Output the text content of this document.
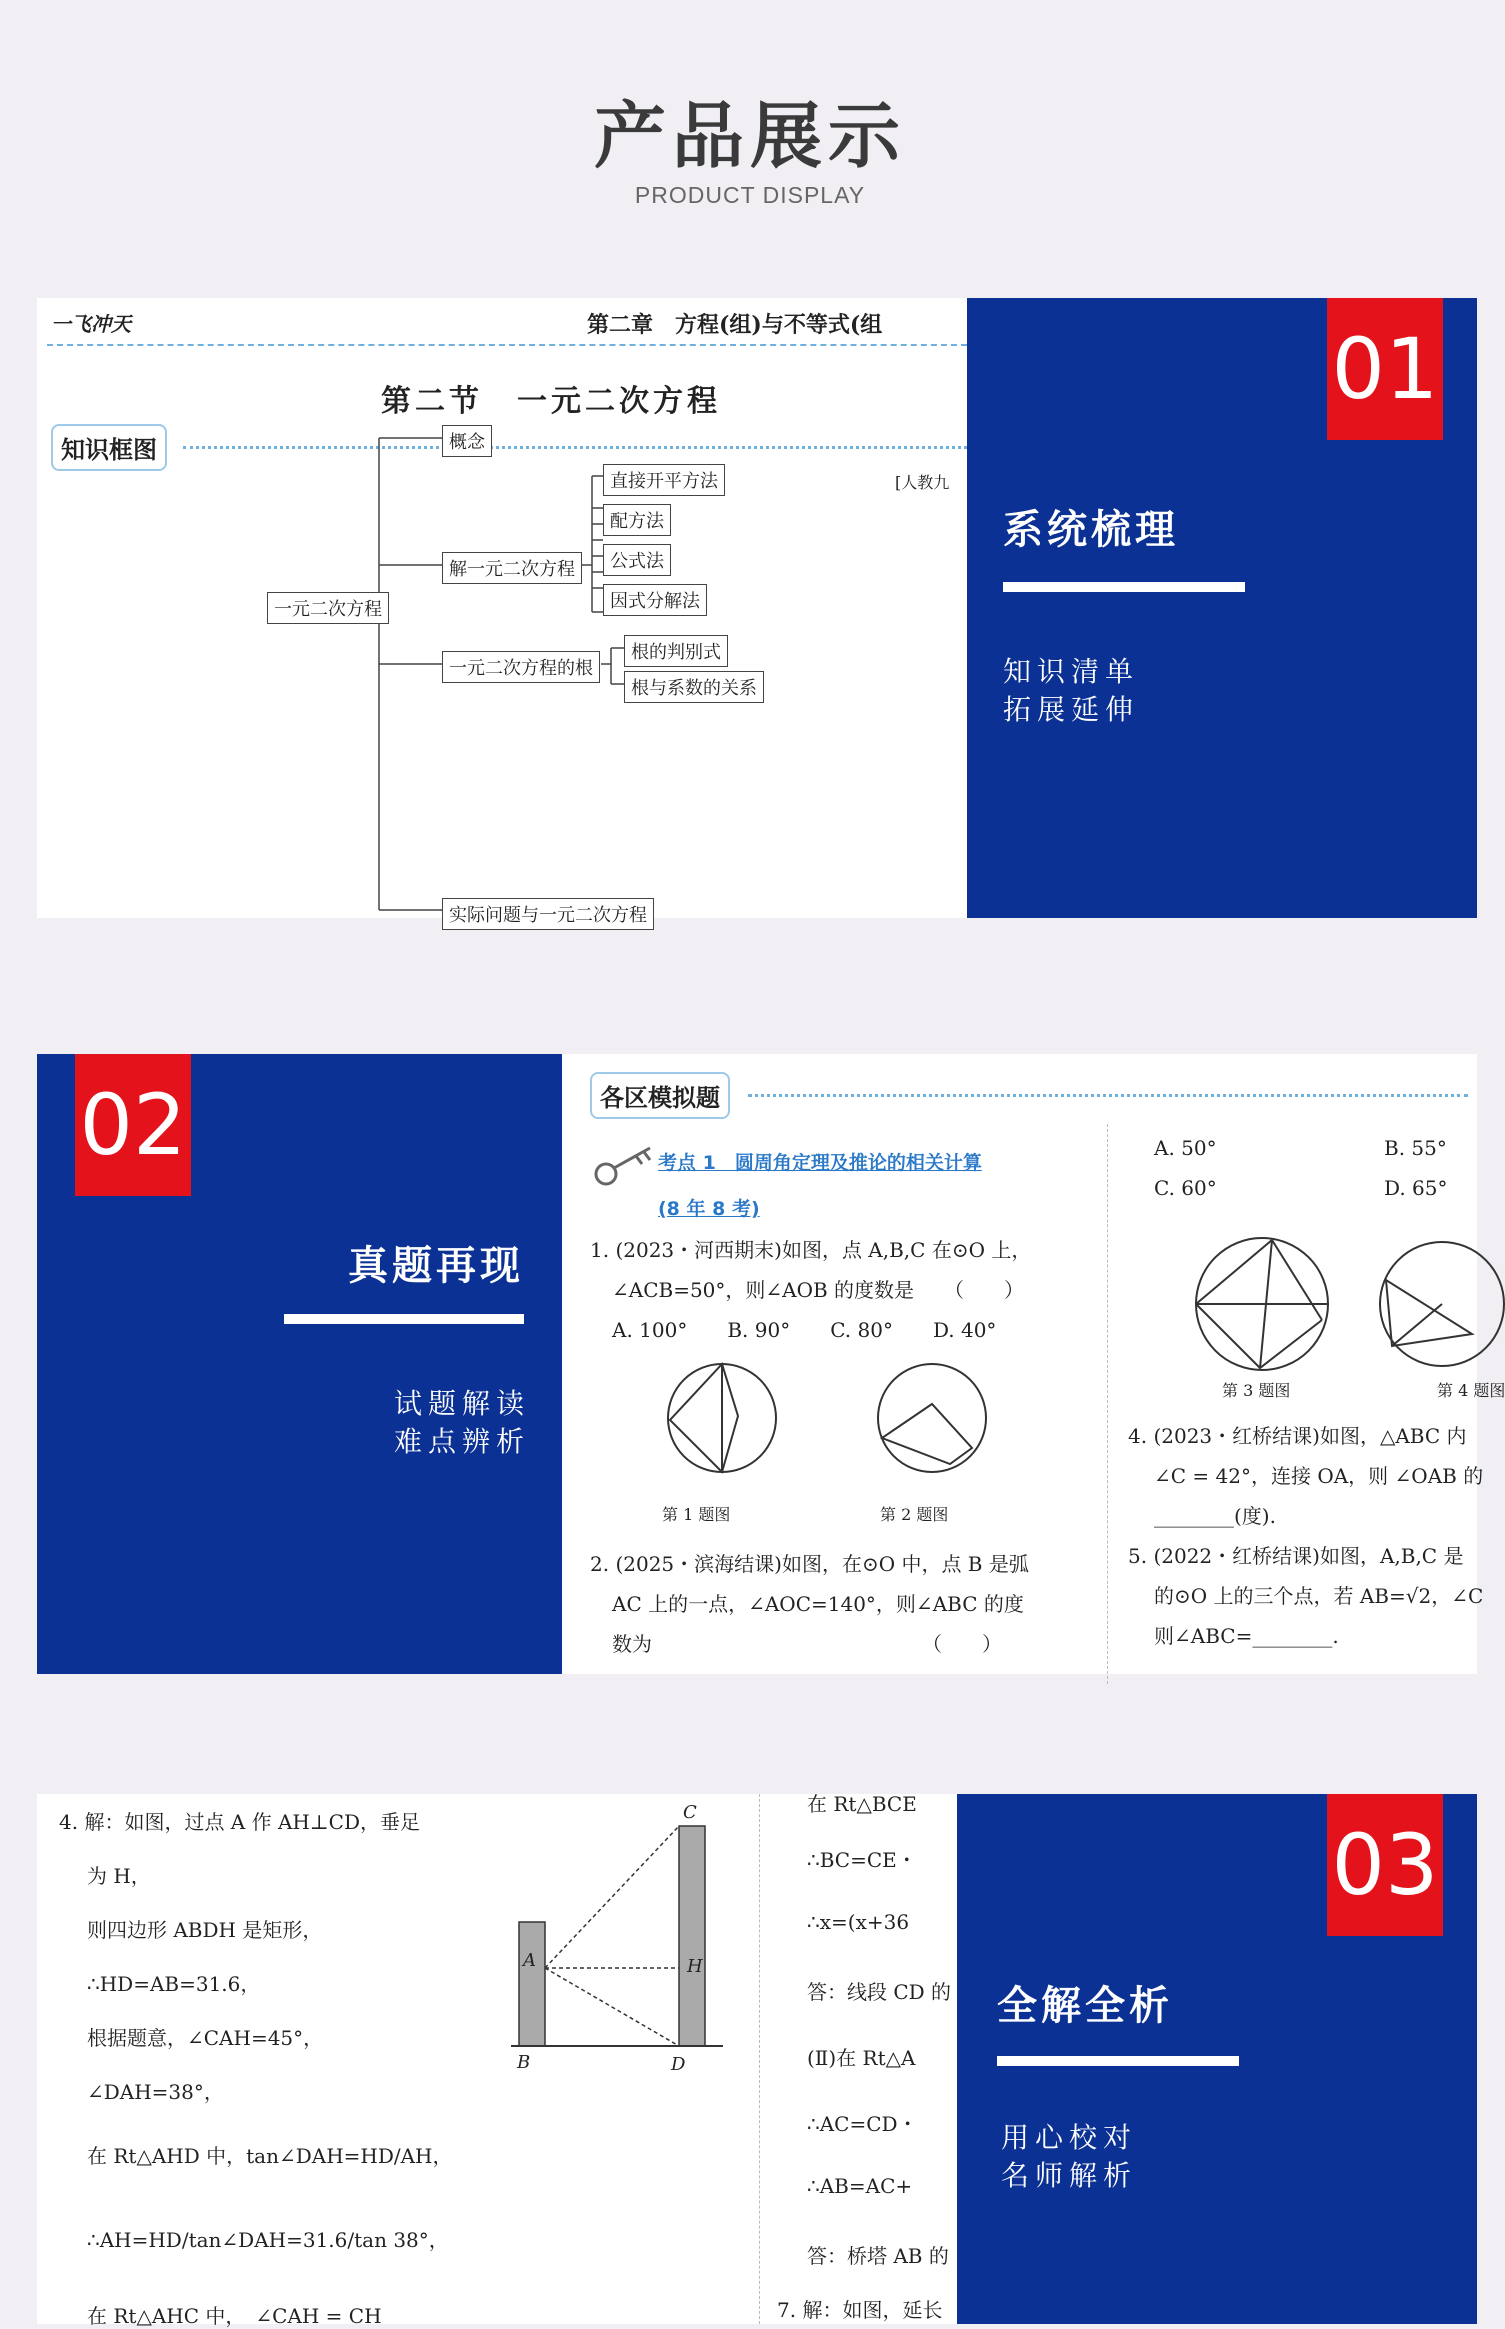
产品展示
PRODUCT DISPLAY
一飞冲天	第二章　方程(组)与不等式(组
第二节　一元二次方程
知识框图
[人教九
一元二次方程
概念
解一元二次方程
直接开平方法
配方法
公式法
因式分解法
一元二次方程的根
根的判别式
根与系数的关系
实际问题与一元二次方程
01
系统梳理
知识清单
拓展延伸
02
真题再现
试题解读
难点辨析
各区模拟题
考点 1　圆周角定理及推论的相关计算
(8 年 8 考)
1. (2023・河西期末)如图，点 A,B,C 在⊙O 上，
∠ACB=50°，则∠AOB 的度数是　　（　　）
A. 100°　　B. 90°　　C. 80°　　D. 40°
第 1 题图	第 2 题图
2. (2025・滨海结课)如图，在⊙O 中，点 B 是弧
AC 上的一点，∠AOC=140°，则∠ABC 的度
数为　　　　　　　　　　　　　　（　　）
A. 50°	B. 55°
C. 60°	D. 65°
第 3 题图	第 4 题图
4. (2023・红桥结课)如图，△ABC 内
∠C = 42°，连接 OA，则 ∠OAB 的
________(度).
5. (2022・红桥结课)如图，A,B,C 是
的⊙O 上的三个点，若 AB=√2，∠C
则∠ABC=________.
4. 解：如图，过点 A 作 AH⊥CD，垂足
为 H，
则四边形 ABDH 是矩形，
∴HD=AB=31.6，
根据题意，∠CAH=45°，
∠DAH=38°，
在 Rt△AHD 中，tan∠DAH=HD/AH，
∴AH=HD/tan∠DAH=31.6/tan 38°，
在 Rt△AHC 中，　∠CAH = CH
C
A	H
B	D
在 Rt△BCE
∴BC=CE・
∴x=(x+36
答：线段 CD 的
(Ⅱ)在 Rt△A
∴AC=CD・
∴AB=AC+
答：桥塔 AB 的
7. 解：如图，延长
03
全解全析
用心校对
名师解析
